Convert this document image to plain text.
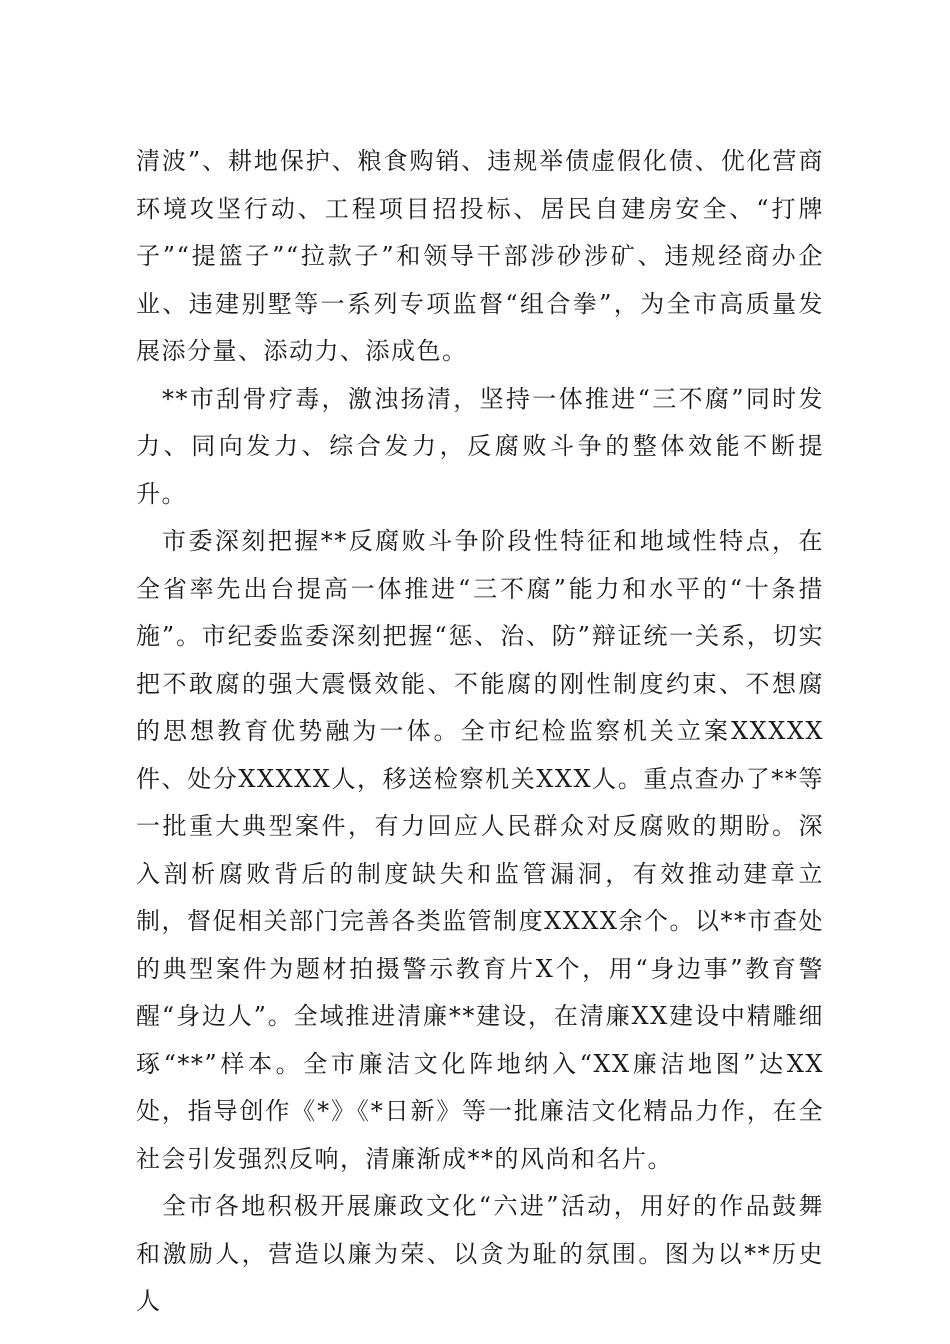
清波”、耕地保护、粮食购销、违规举债虚假化债、优化营商环境攻坚行动、工程项目招投标、居民自建房安全、“打牌子”“提篮子”“拉款子”和领导干部涉砂涉矿、违规经商办企业、违建别墅等一系列专项监督“组合拳”，为全市高质量发展添分量、添动力、添成色。

**市刮骨疗毒，激浊扬清，坚持一体推进“三不腐”同时发力、同向发力、综合发力，反腐败斗争的整体效能不断提升。

市委深刻把握**反腐败斗争阶段性特征和地域性特点，在全省率先出台提高一体推进“三不腐”能力和水平的“十条措施”。市纪委监委深刻把握“惩、治、防”辩证统一关系，切实把不敢腐的强大震慑效能、不能腐的刚性制度约束、不想腐的思想教育优势融为一体。全市纪检监察机关立案XXXXX件、处分XXXXX人，移送检察机关XXX人。重点查办了**等一批重大典型案件，有力回应人民群众对反腐败的期盼。深入剖析腐败背后的制度缺失和监管漏洞，有效推动建章立制，督促相关部门完善各类监管制度XXXX余个。以**市查处的典型案件为题材拍摄警示教育片X个，用“身边事”教育警醒“身边人”。全域推进清廉**建设，在清廉XX建设中精雕细琢“**”样本。全市廉洁文化阵地纳入“XX廉洁地图”达XX处，指导创作《*》《*日新》等一批廉洁文化精品力作，在全社会引发强烈反响，清廉渐成**的风尚和名片。

全市各地积极开展廉政文化“六进”活动，用好的作品鼓舞和激励人，营造以廉为荣、以贪为耻的氛围。图为以**历史人
